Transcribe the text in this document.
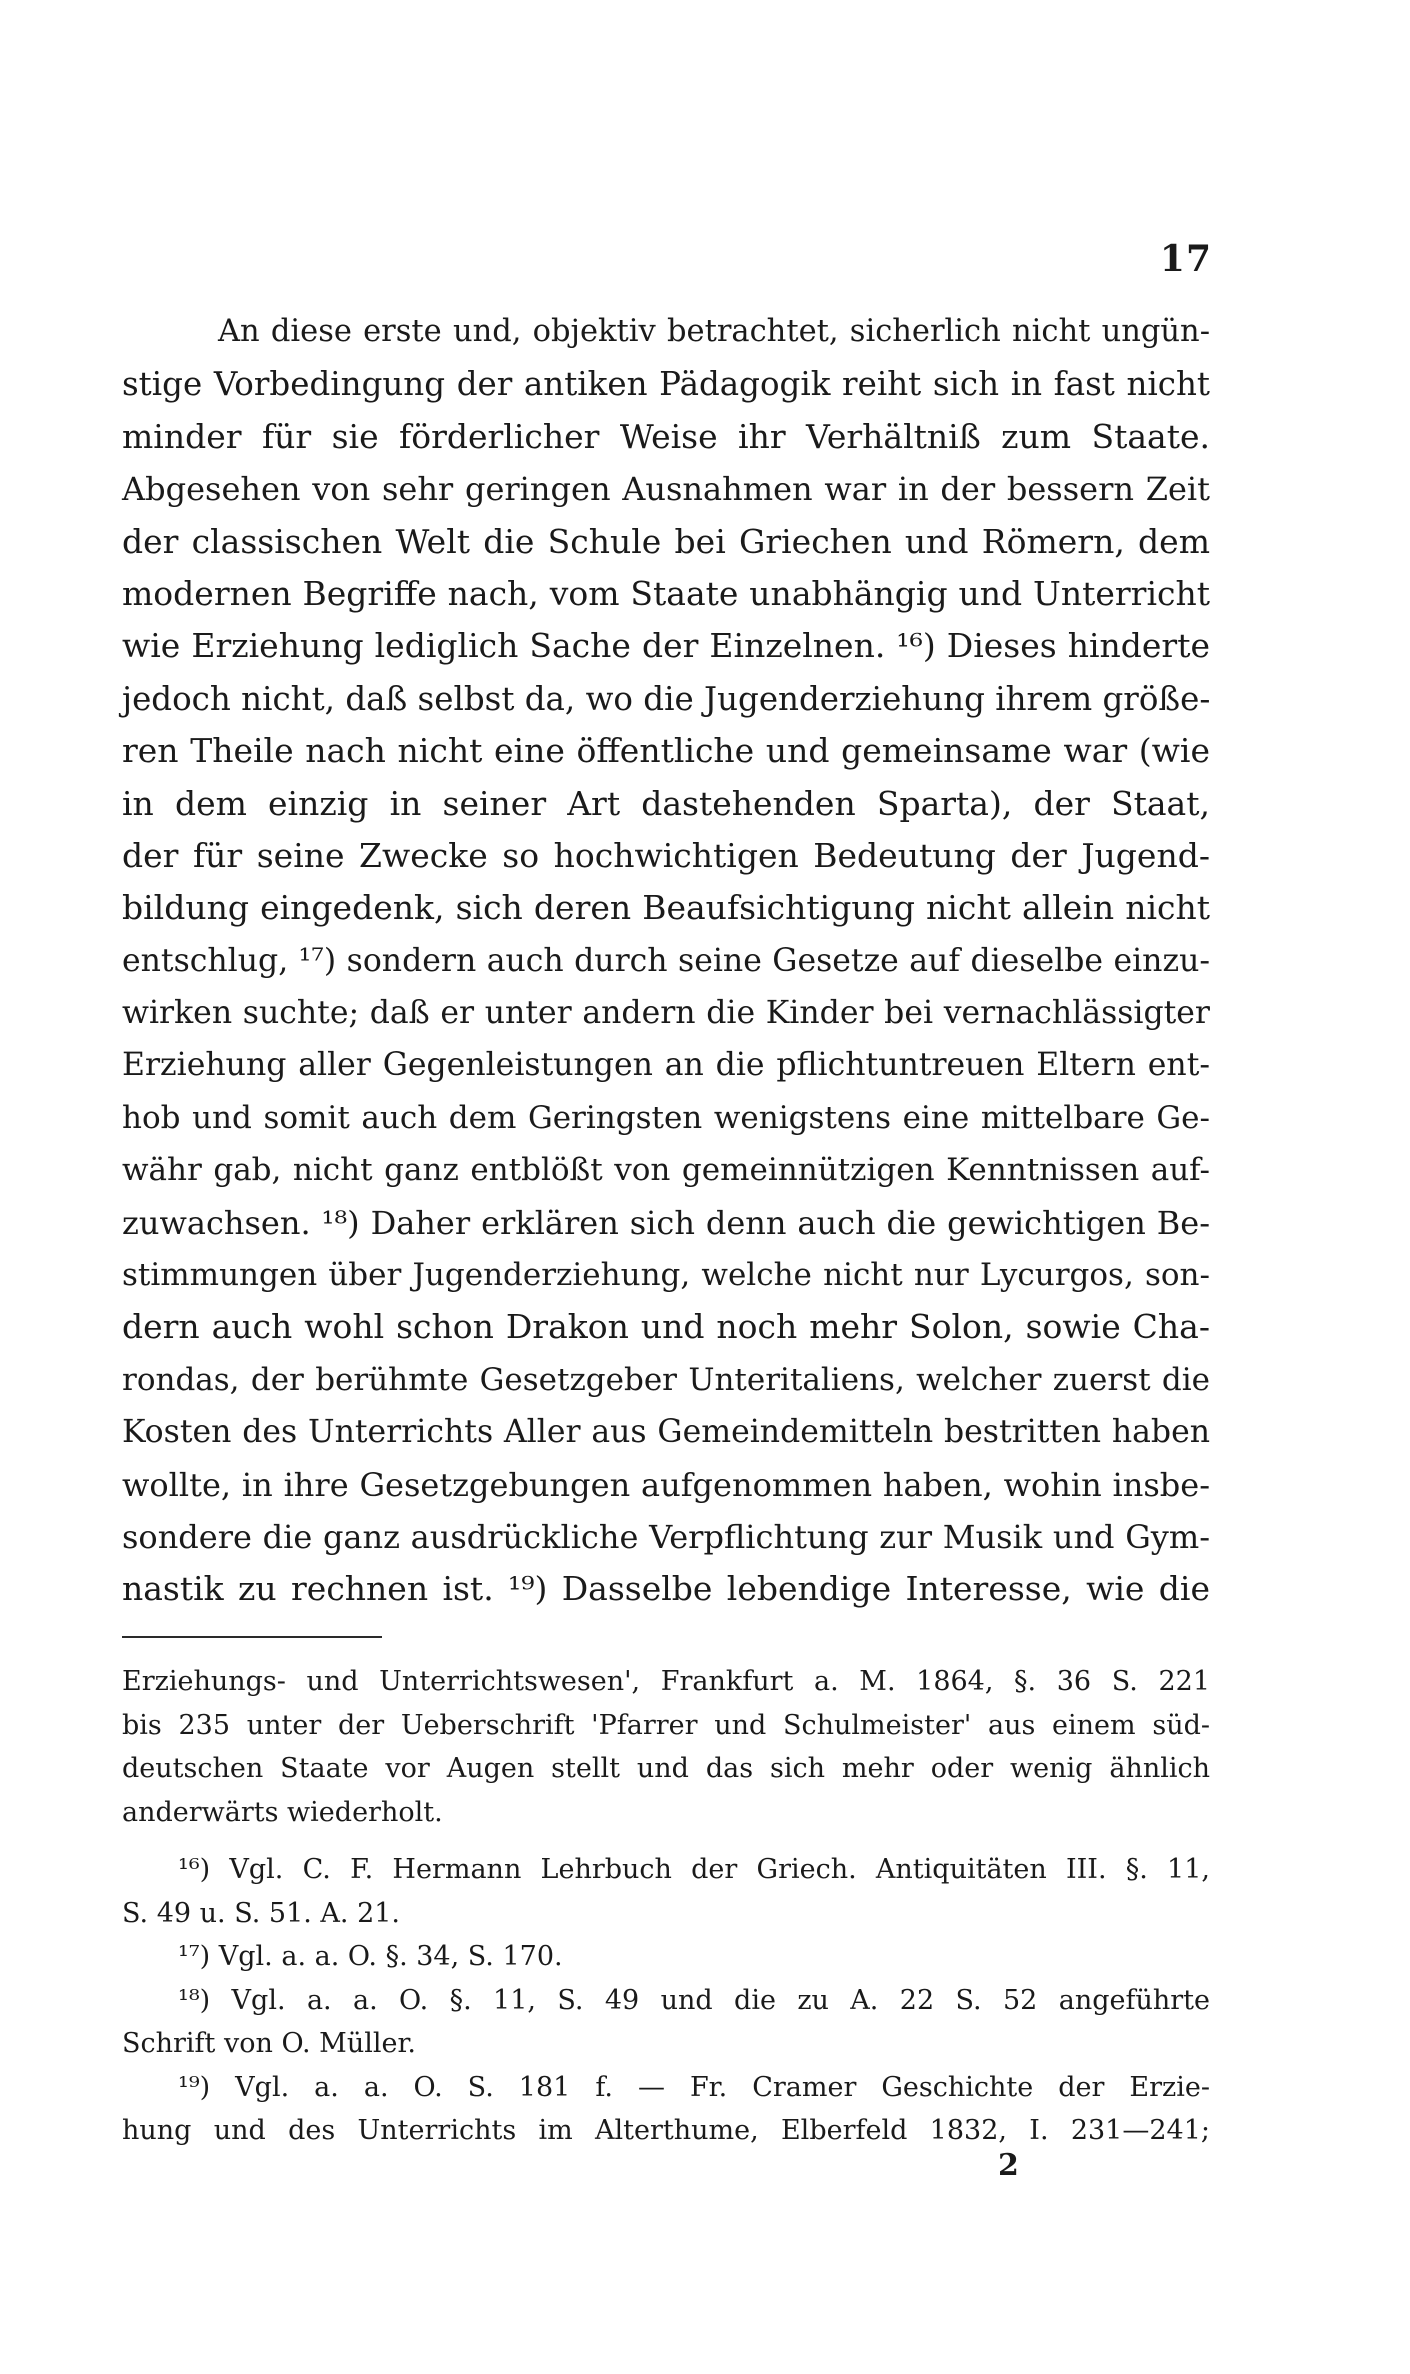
17
An diese erste und, objektiv betrachtet, sicherlich nicht ungün-
stige Vorbedingung der antiken Pädagogik reiht sich in fast nicht
minder für sie förderlicher Weise ihr Verhältniß zum Staate.
Abgesehen von sehr geringen Ausnahmen war in der bessern Zeit
der classischen Welt die Schule bei Griechen und Römern, dem
modernen Begriffe nach, vom Staate unabhängig und Unterricht
wie Erziehung lediglich Sache der Einzelnen. ¹⁶) Dieses hinderte
jedoch nicht, daß selbst da, wo die Jugenderziehung ihrem größe-
ren Theile nach nicht eine öffentliche und gemeinsame war (wie
in dem einzig in seiner Art dastehenden Sparta), der Staat,
der für seine Zwecke so hochwichtigen Bedeutung der Jugend-
bildung eingedenk, sich deren Beaufsichtigung nicht allein nicht
entschlug, ¹⁷) sondern auch durch seine Gesetze auf dieselbe einzu-
wirken suchte; daß er unter andern die Kinder bei vernachlässigter
Erziehung aller Gegenleistungen an die pflichtuntreuen Eltern ent-
hob und somit auch dem Geringsten wenigstens eine mittelbare Ge-
währ gab, nicht ganz entblößt von gemeinnützigen Kenntnissen auf-
zuwachsen. ¹⁸) Daher erklären sich denn auch die gewichtigen Be-
stimmungen über Jugenderziehung, welche nicht nur Lycurgos, son-
dern auch wohl schon Drakon und noch mehr Solon, sowie Cha-
rondas, der berühmte Gesetzgeber Unteritaliens, welcher zuerst die
Kosten des Unterrichts Aller aus Gemeindemitteln bestritten haben
wollte, in ihre Gesetzgebungen aufgenommen haben, wohin insbe-
sondere die ganz ausdrückliche Verpflichtung zur Musik und Gym-
nastik zu rechnen ist. ¹⁹) Dasselbe lebendige Interesse, wie die
Erziehungs- und Unterrichtswesen', Frankfurt a. M. 1864, §. 36 S. 221
bis 235 unter der Ueberschrift 'Pfarrer und Schulmeister' aus einem süd-
deutschen Staate vor Augen stellt und das sich mehr oder wenig ähnlich
anderwärts wiederholt.
¹⁶) Vgl. C. F. Hermann Lehrbuch der Griech. Antiquitäten III. §. 11,
S. 49 u. S. 51. A. 21.
¹⁷) Vgl. a. a. O. §. 34, S. 170.
¹⁸) Vgl. a. a. O. §. 11, S. 49 und die zu A. 22 S. 52 angeführte
Schrift von O. Müller.
¹⁹) Vgl. a. a. O. S. 181 f. — Fr. Cramer Geschichte der Erzie-
hung und des Unterrichts im Alterthume, Elberfeld 1832, I. 231—241;
2
